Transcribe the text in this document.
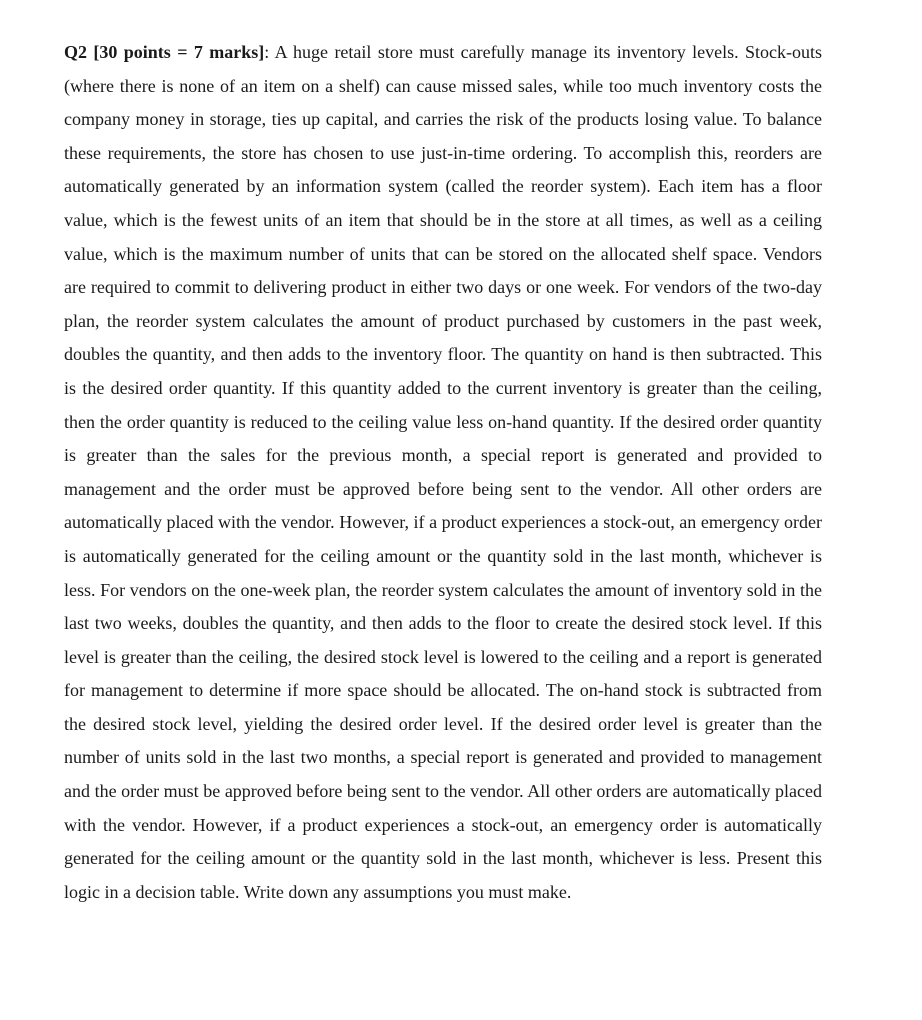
Q2 [30 points = 7 marks]: A huge retail store must carefully manage its inventory levels. Stock-outs (where there is none of an item on a shelf) can cause missed sales, while too much inventory costs the company money in storage, ties up capital, and carries the risk of the products losing value. To balance these requirements, the store has chosen to use just-in-time ordering. To accomplish this, reorders are automatically generated by an information system (called the reorder system). Each item has a floor value, which is the fewest units of an item that should be in the store at all times, as well as a ceiling value, which is the maximum number of units that can be stored on the allocated shelf space. Vendors are required to commit to delivering product in either two days or one week. For vendors of the two-day plan, the reorder system calculates the amount of product purchased by customers in the past week, doubles the quantity, and then adds to the inventory floor. The quantity on hand is then subtracted. This is the desired order quantity. If this quantity added to the current inventory is greater than the ceiling, then the order quantity is reduced to the ceiling value less on-hand quantity. If the desired order quantity is greater than the sales for the previous month, a special report is generated and provided to management and the order must be approved before being sent to the vendor. All other orders are automatically placed with the vendor. However, if a product experiences a stock-out, an emergency order is automatically generated for the ceiling amount or the quantity sold in the last month, whichever is less. For vendors on the one-week plan, the reorder system calculates the amount of inventory sold in the last two weeks, doubles the quantity, and then adds to the floor to create the desired stock level. If this level is greater than the ceiling, the desired stock level is lowered to the ceiling and a report is generated for management to determine if more space should be allocated. The on-hand stock is subtracted from the desired stock level, yielding the desired order level. If the desired order level is greater than the number of units sold in the last two months, a special report is generated and provided to management and the order must be approved before being sent to the vendor. All other orders are automatically placed with the vendor. However, if a product experiences a stock-out, an emergency order is automatically generated for the ceiling amount or the quantity sold in the last month, whichever is less. Present this logic in a decision table. Write down any assumptions you must make.
